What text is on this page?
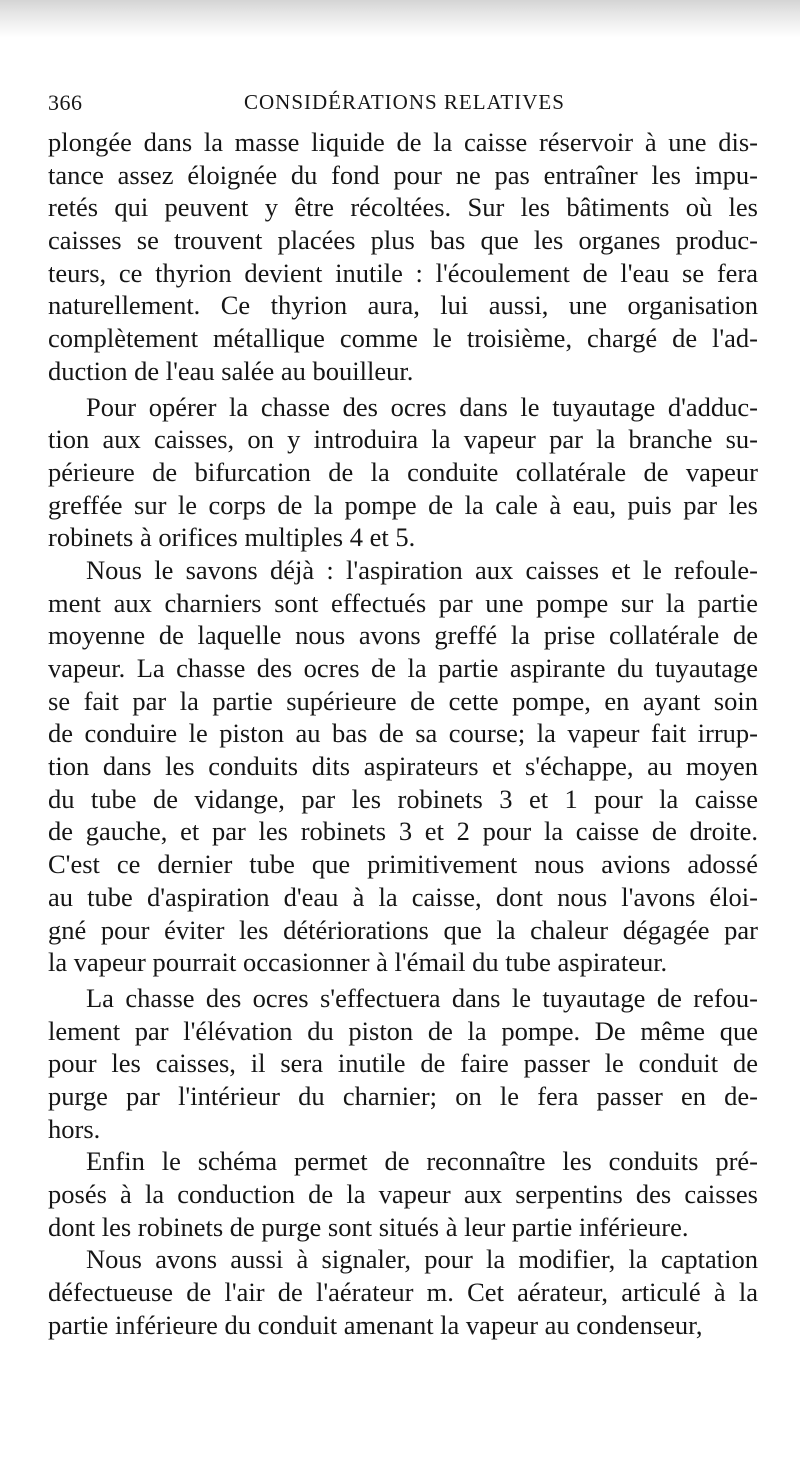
366	CONSIDÉRATIONS RELATIVES
plongée dans la masse liquide de la caisse réservoir à une dis-
tance assez éloignée du fond pour ne pas entraîner les impu-
retés qui peuvent y être récoltées. Sur les bâtiments où les
caisses se trouvent placées plus bas que les organes produc-
teurs, ce thyrion devient inutile : l'écoulement de l'eau se fera
naturellement. Ce thyrion aura, lui aussi, une organisation
complètement métallique comme le troisième, chargé de l'ad-
duction de l'eau salée au bouilleur.
Pour opérer la chasse des ocres dans le tuyautage d'adduc-
tion aux caisses, on y introduira la vapeur par la branche su-
périeure de bifurcation de la conduite collatérale de vapeur
greffée sur le corps de la pompe de la cale à eau, puis par les
robinets à orifices multiples 4 et 5.
Nous le savons déjà : l'aspiration aux caisses et le refoule-
ment aux charniers sont effectués par une pompe sur la partie
moyenne de laquelle nous avons greffé la prise collatérale de
vapeur. La chasse des ocres de la partie aspirante du tuyautage
se fait par la partie supérieure de cette pompe, en ayant soin
de conduire le piston au bas de sa course; la vapeur fait irrup-
tion dans les conduits dits aspirateurs et s'échappe, au moyen
du tube de vidange, par les robinets 3 et 1 pour la caisse
de gauche, et par les robinets 3 et 2 pour la caisse de droite.
C'est ce dernier tube que primitivement nous avions adossé
au tube d'aspiration d'eau à la caisse, dont nous l'avons éloi-
gné pour éviter les détériorations que la chaleur dégagée par
la vapeur pourrait occasionner à l'émail du tube aspirateur.
La chasse des ocres s'effectuera dans le tuyautage de refou-
lement par l'élévation du piston de la pompe. De même que
pour les caisses, il sera inutile de faire passer le conduit de
purge par l'intérieur du charnier; on le fera passer en de-
hors.
Enfin le schéma permet de reconnaître les conduits pré-
posés à la conduction de la vapeur aux serpentins des caisses
dont les robinets de purge sont situés à leur partie inférieure.
Nous avons aussi à signaler, pour la modifier, la captation
défectueuse de l'air de l'aérateur m. Cet aérateur, articulé à la
partie inférieure du conduit amenant la vapeur au condenseur,
